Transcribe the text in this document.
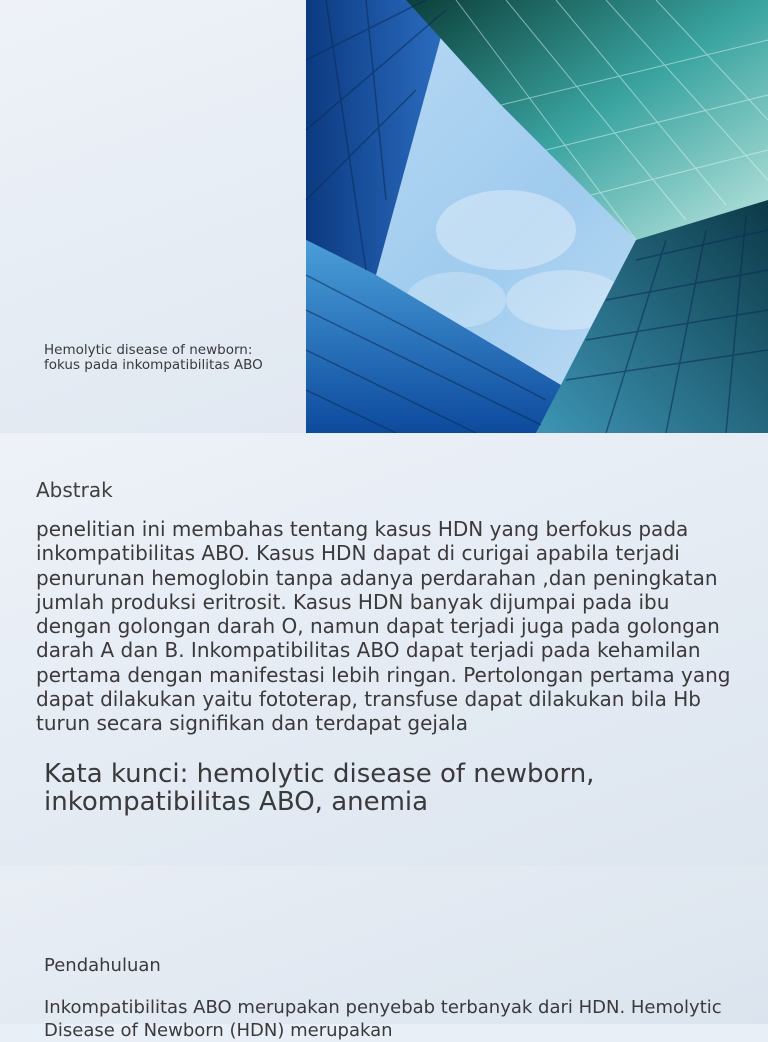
Hemolytic disease of newborn:
fokus pada inkompatibilitas ABO
Abstrak
penelitian ini membahas tentang kasus HDN yang berfokus pada inkompatibilitas ABO. Kasus HDN dapat di curigai apabila terjadi penurunan hemoglobin tanpa adanya perdarahan ,dan peningkatan jumlah produksi eritrosit. Kasus HDN banyak dijumpai pada ibu dengan golongan darah O, namun dapat terjadi juga pada golongan darah A dan B. Inkompatibilitas ABO dapat terjadi pada kehamilan pertama dengan manifestasi lebih ringan. Pertolongan pertama yang dapat dilakukan yaitu fototerap, transfuse dapat dilakukan bila Hb turun secara signifikan dan terdapat gejala
Kata kunci: hemolytic disease of newborn, inkompatibilitas ABO, anemia
Pendahuluan
Inkompatibilitas ABO merupakan penyebab terbanyak dari HDN. Hemolytic Disease of Newborn (HDN) merupakan
